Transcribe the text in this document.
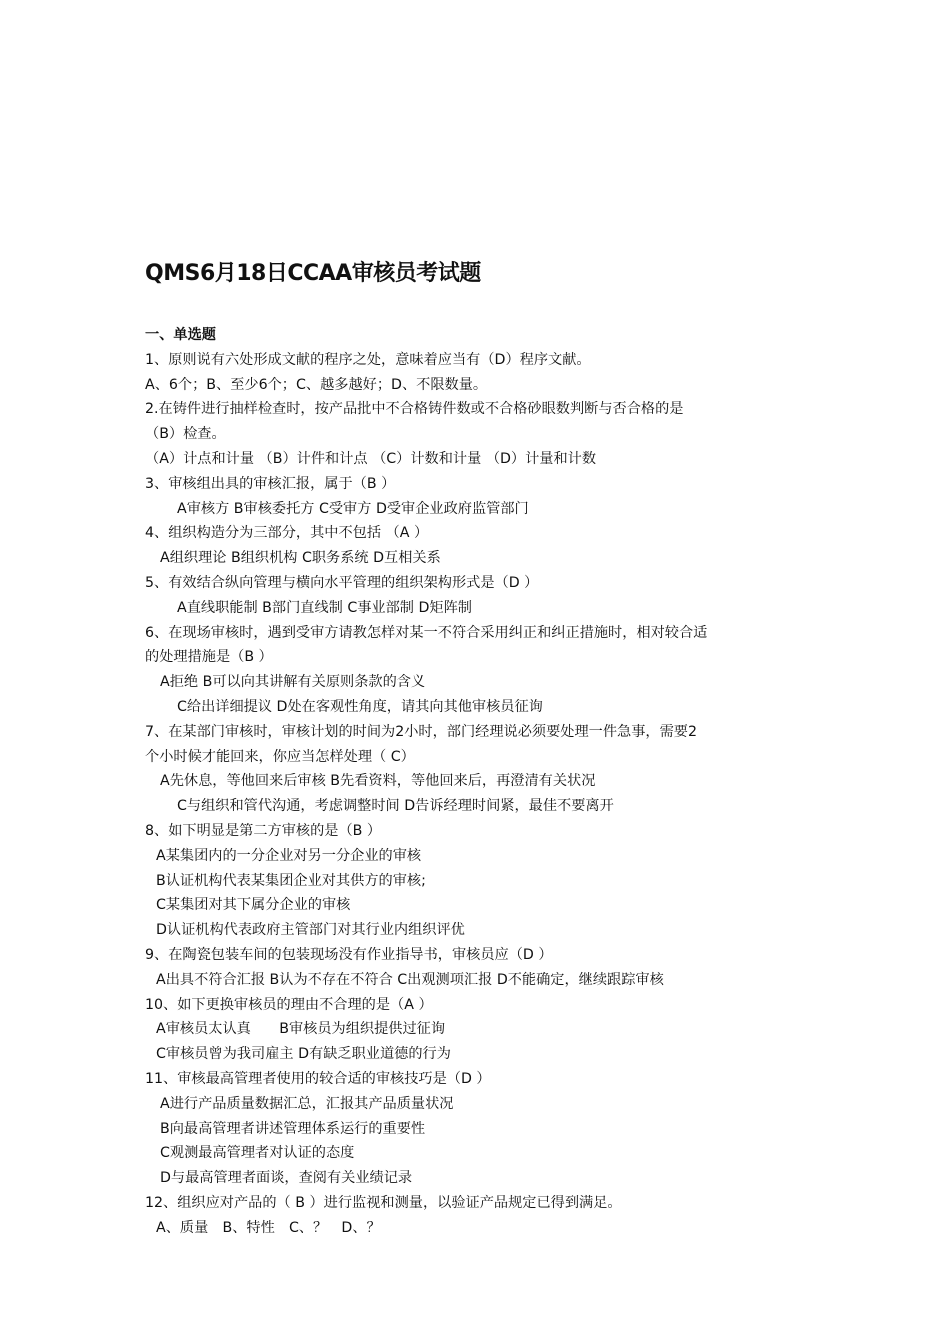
QMS6月18日CCAA审核员考试题
一、单选题
1、原则说有六处形成文献的程序之处，意味着应当有（D）程序文献。
A、6个；B、至少6个；C、越多越好；D、不限数量。
2.在铸件进行抽样检查时，按产品批中不合格铸件数或不合格砂眼数判断与否合格的是
（B）检查。
（A）计点和计量 （B）计件和计点 （C）计数和计量 （D）计量和计数
3、审核组出具的审核汇报，属于（B ）
A审核方 B审核委托方 C受审方 D受审企业政府监管部门
4、组织构造分为三部分，其中不包括 （A ）
A组织理论 B组织机构 C职务系统 D互相关系
5、有效结合纵向管理与横向水平管理的组织架构形式是（D ）
A直线职能制 B部门直线制 C事业部制 D矩阵制
6、在现场审核时，遇到受审方请教怎样对某一不符合采用纠正和纠正措施时，相对较合适
的处理措施是（B ）
A拒绝 B可以向其讲解有关原则条款的含义
C给出详细提议 D处在客观性角度，请其向其他审核员征询
7、在某部门审核时，审核计划的时间为2小时，部门经理说必须要处理一件急事，需要2
个小时候才能回来，你应当怎样处理（ C）
A先休息，等他回来后审核 B先看资料，等他回来后，再澄清有关状况
C与组织和管代沟通，考虑调整时间 D告诉经理时间紧，最佳不要离开
8、如下明显是第二方审核的是（B ）
A某集团内的一分企业对另一分企业的审核
B认证机构代表某集团企业对其供方的审核;
C某集团对其下属分企业的审核
D认证机构代表政府主管部门对其行业内组织评优
9、在陶瓷包装车间的包装现场没有作业指导书，审核员应（D ）
A出具不符合汇报 B认为不存在不符合 C出观测项汇报 D不能确定，继续跟踪审核
10、如下更换审核员的理由不合理的是（A ）
A审核员太认真　　B审核员为组织提供过征询
C审核员曾为我司雇主 D有缺乏职业道德的行为
11、审核最高管理者使用的较合适的审核技巧是（D ）
A进行产品质量数据汇总，汇报其产品质量状况
B向最高管理者讲述管理体系运行的重要性
C观测最高管理者对认证的态度
D与最高管理者面谈，查阅有关业绩记录
12、组织应对产品的（ B ）进行监视和测量，以验证产品规定已得到满足。
A、质量　B、特性　C、？　D、？
